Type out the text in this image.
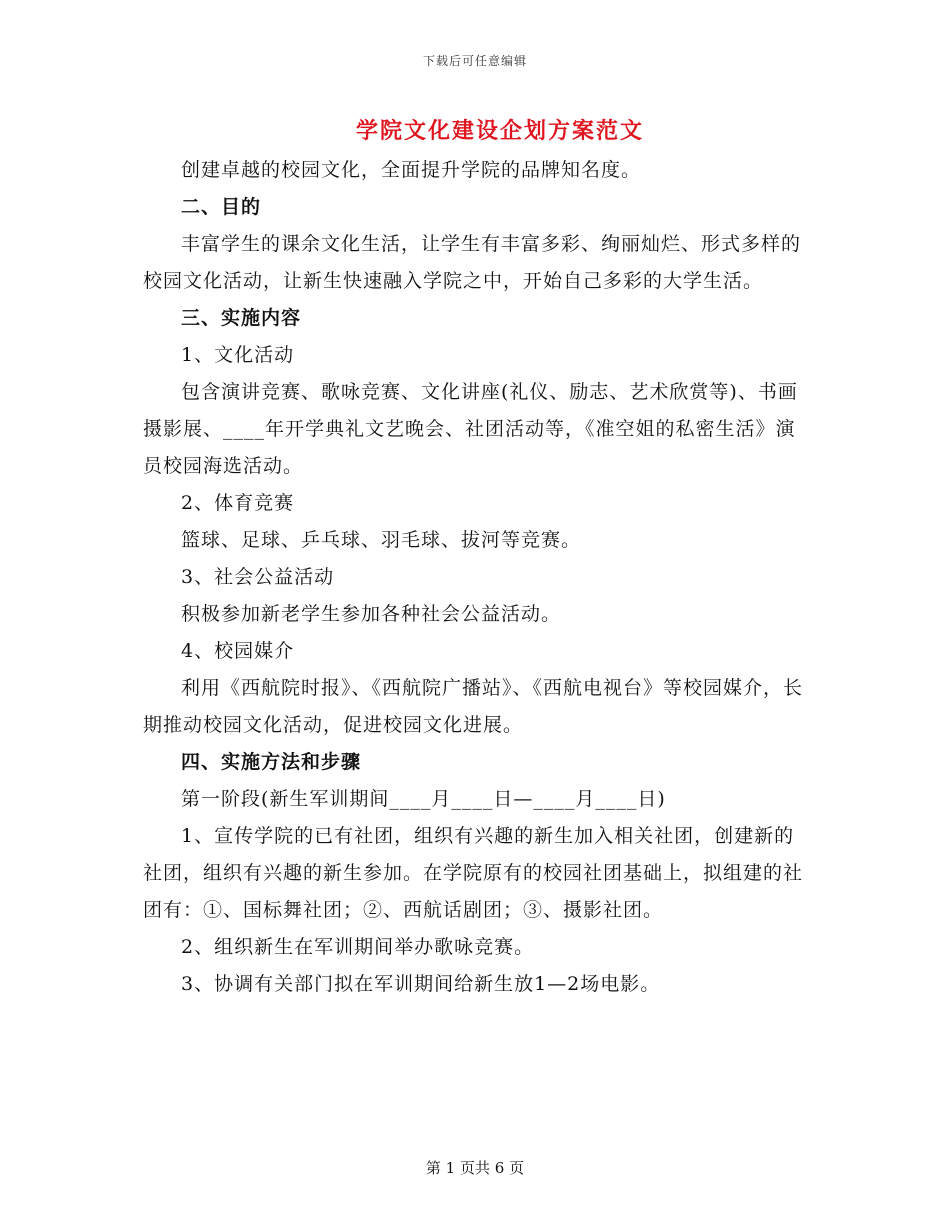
下载后可任意编辑
学院文化建设企划方案范文

创建卓越的校园文化，全面提升学院的品牌知名度。

二、目的

丰富学生的课余文化生活，让学生有丰富多彩、绚丽灿烂、形式多样的校园文化活动，让新生快速融入学院之中，开始自己多彩的大学生活。

三、实施内容

1、文化活动

包含演讲竞赛、歌咏竞赛、文化讲座(礼仪、励志、艺术欣赏等)、书画摄影展、____年开学典礼文艺晚会、社团活动等，《准空姐的私密生活》演员校园海选活动。

2、体育竞赛

篮球、足球、乒乓球、羽毛球、拔河等竞赛。

3、社会公益活动

积极参加新老学生参加各种社会公益活动。

4、校园媒介

利用《西航院时报》、《西航院广播站》、《西航电视台》等校园媒介，长期推动校园文化活动，促进校园文化进展。

四、实施方法和步骤

第一阶段(新生军训期间____月____日—____月____日)

1、宣传学院的已有社团，组织有兴趣的新生加入相关社团，创建新的社团，组织有兴趣的新生参加。在学院原有的校园社团基础上，拟组建的社团有：①、国标舞社团；②、西航话剧团；③、摄影社团。

2、组织新生在军训期间举办歌咏竞赛。

3、协调有关部门拟在军训期间给新生放1—2场电影。

第 1 页共 6 页
